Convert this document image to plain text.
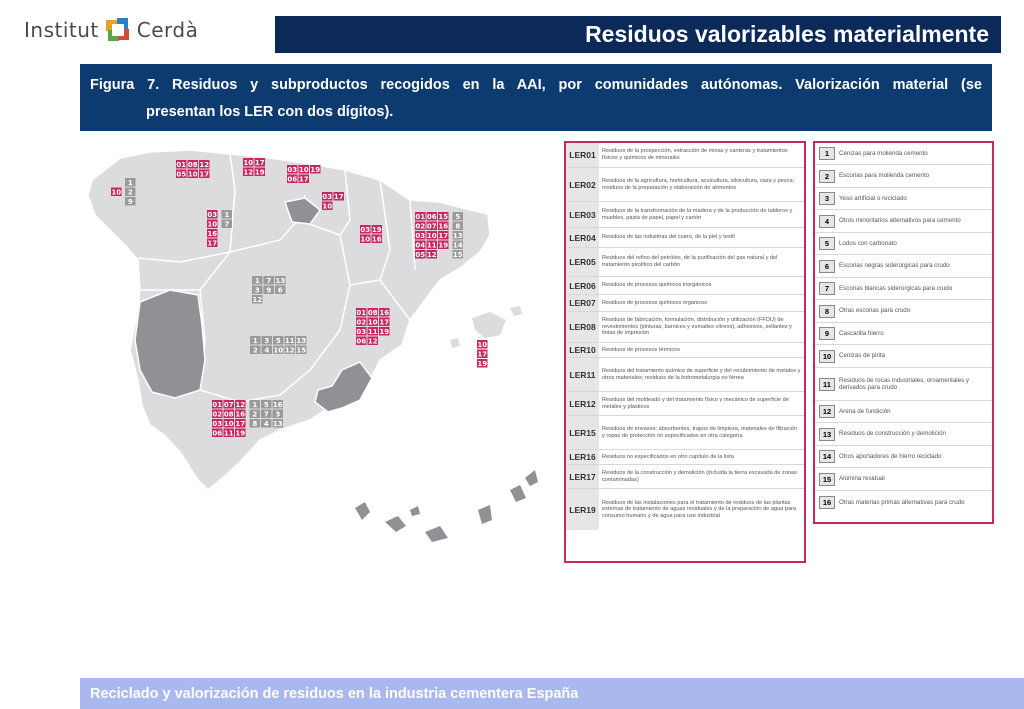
Institut Cerdà	Residuos valorizables materialmente
Figura 7. Residuos y subproductos recogidos en la AAI, por comunidades autónomas. Valorización material (se
presentan los LER con dos dígitos).
1
2
9
10
01 08 12
05 10 17
10 17
12 19	03 10 19
06 17
03 17
10
03
10
16
17
1
7
03 19
10 16
01 06 15
02 07 16
03 10 17
04 11 19
05 12
5
8
13
14
15
1 7 13
3 9 6
12
1 3 5 11 13
2 4 10 12 15
01 08 16
02 10 17
03 11 19
06 12	10
17
19
01 07 12
02 08 16
03 10 17
06 11 19
1 5 16
2 7 3
8 4 13
LER01	Residuos de la prospección, extracción de minas y canteras y tratamientos físicos y químicos de minerales
LER02	Residuos de la agricultura, horticultura, acuicultura, silvicultura, caza y pesca; residuos de la preparación y elaboración de alimentos
LER03	Residuos de la transformación de la madera y de la producción de tableros y muebles, pasta de papel, papel y cartón
LER04	Residuos de las industrias del cuero, de la piel y textil
LER05	Residuos del refino del petróleo, de la purificación del gas natural y del tratamiento pirolítico del carbón
LER06	Residuos de procesos químicos inorgánicos
LER07	Residuos de procesos químicos orgánicos
LER08
Residuos de fabricación, formulación, distribución y utilización (FFDU) de revestimientos (pinturas, barnices y esmaltes vítreos), adhesivos, sellantes y tintas de impresión
LER10	Residuos de procesos térmicos
LER11	Residuos del tratamiento químico de superficie y del recubrimiento de metales y otros materiales; residuos de la hidrometalurgia no férrea
LER12	Residuos del moldeado y del tratamiento físico y mecánico de superficie de metales y plásticos
LER15	Residuos de envases; absorbentes, trapos de limpieza, materiales de filtración y ropas de protección no especificados en otra categoría
LER16	Residuos no especificados en otro capítulo de la lista
LER17	Residuos de la construcción y demolición (incluida la tierra excavada de zonas contaminadas)
LER19
Residuos de las instalaciones para el tratamiento de residuos de las plantas externas de tratamiento de aguas residuales y de la preparación de agua para consumo humano y de agua para uso industrial
1	Cenizas para molienda cemento
2	Escorias para molienda cemento
3	Yeso artificial o reciclado
4	Otros minoritarios alternativos para cemento
5	Lodos con carbonato
6	Escorias negras siderúrgicas para crudo
7	Escorias blancas siderúrgicas para crudo
8	Otras escorias para crudo
9	Cascarilla hierro
10	Cenizas de pirita
11	Residuos de rocas industriales, ornamentales y derivados para crudo
12	Arena de fundición
13	Residuos de construcción y demolición
14	Otros aportadores de hierro reciclado
15	Alúmina residual
16	Otras materias primas alternativas para crudo
Reciclado y valorización de residuos en la industria cementera España
